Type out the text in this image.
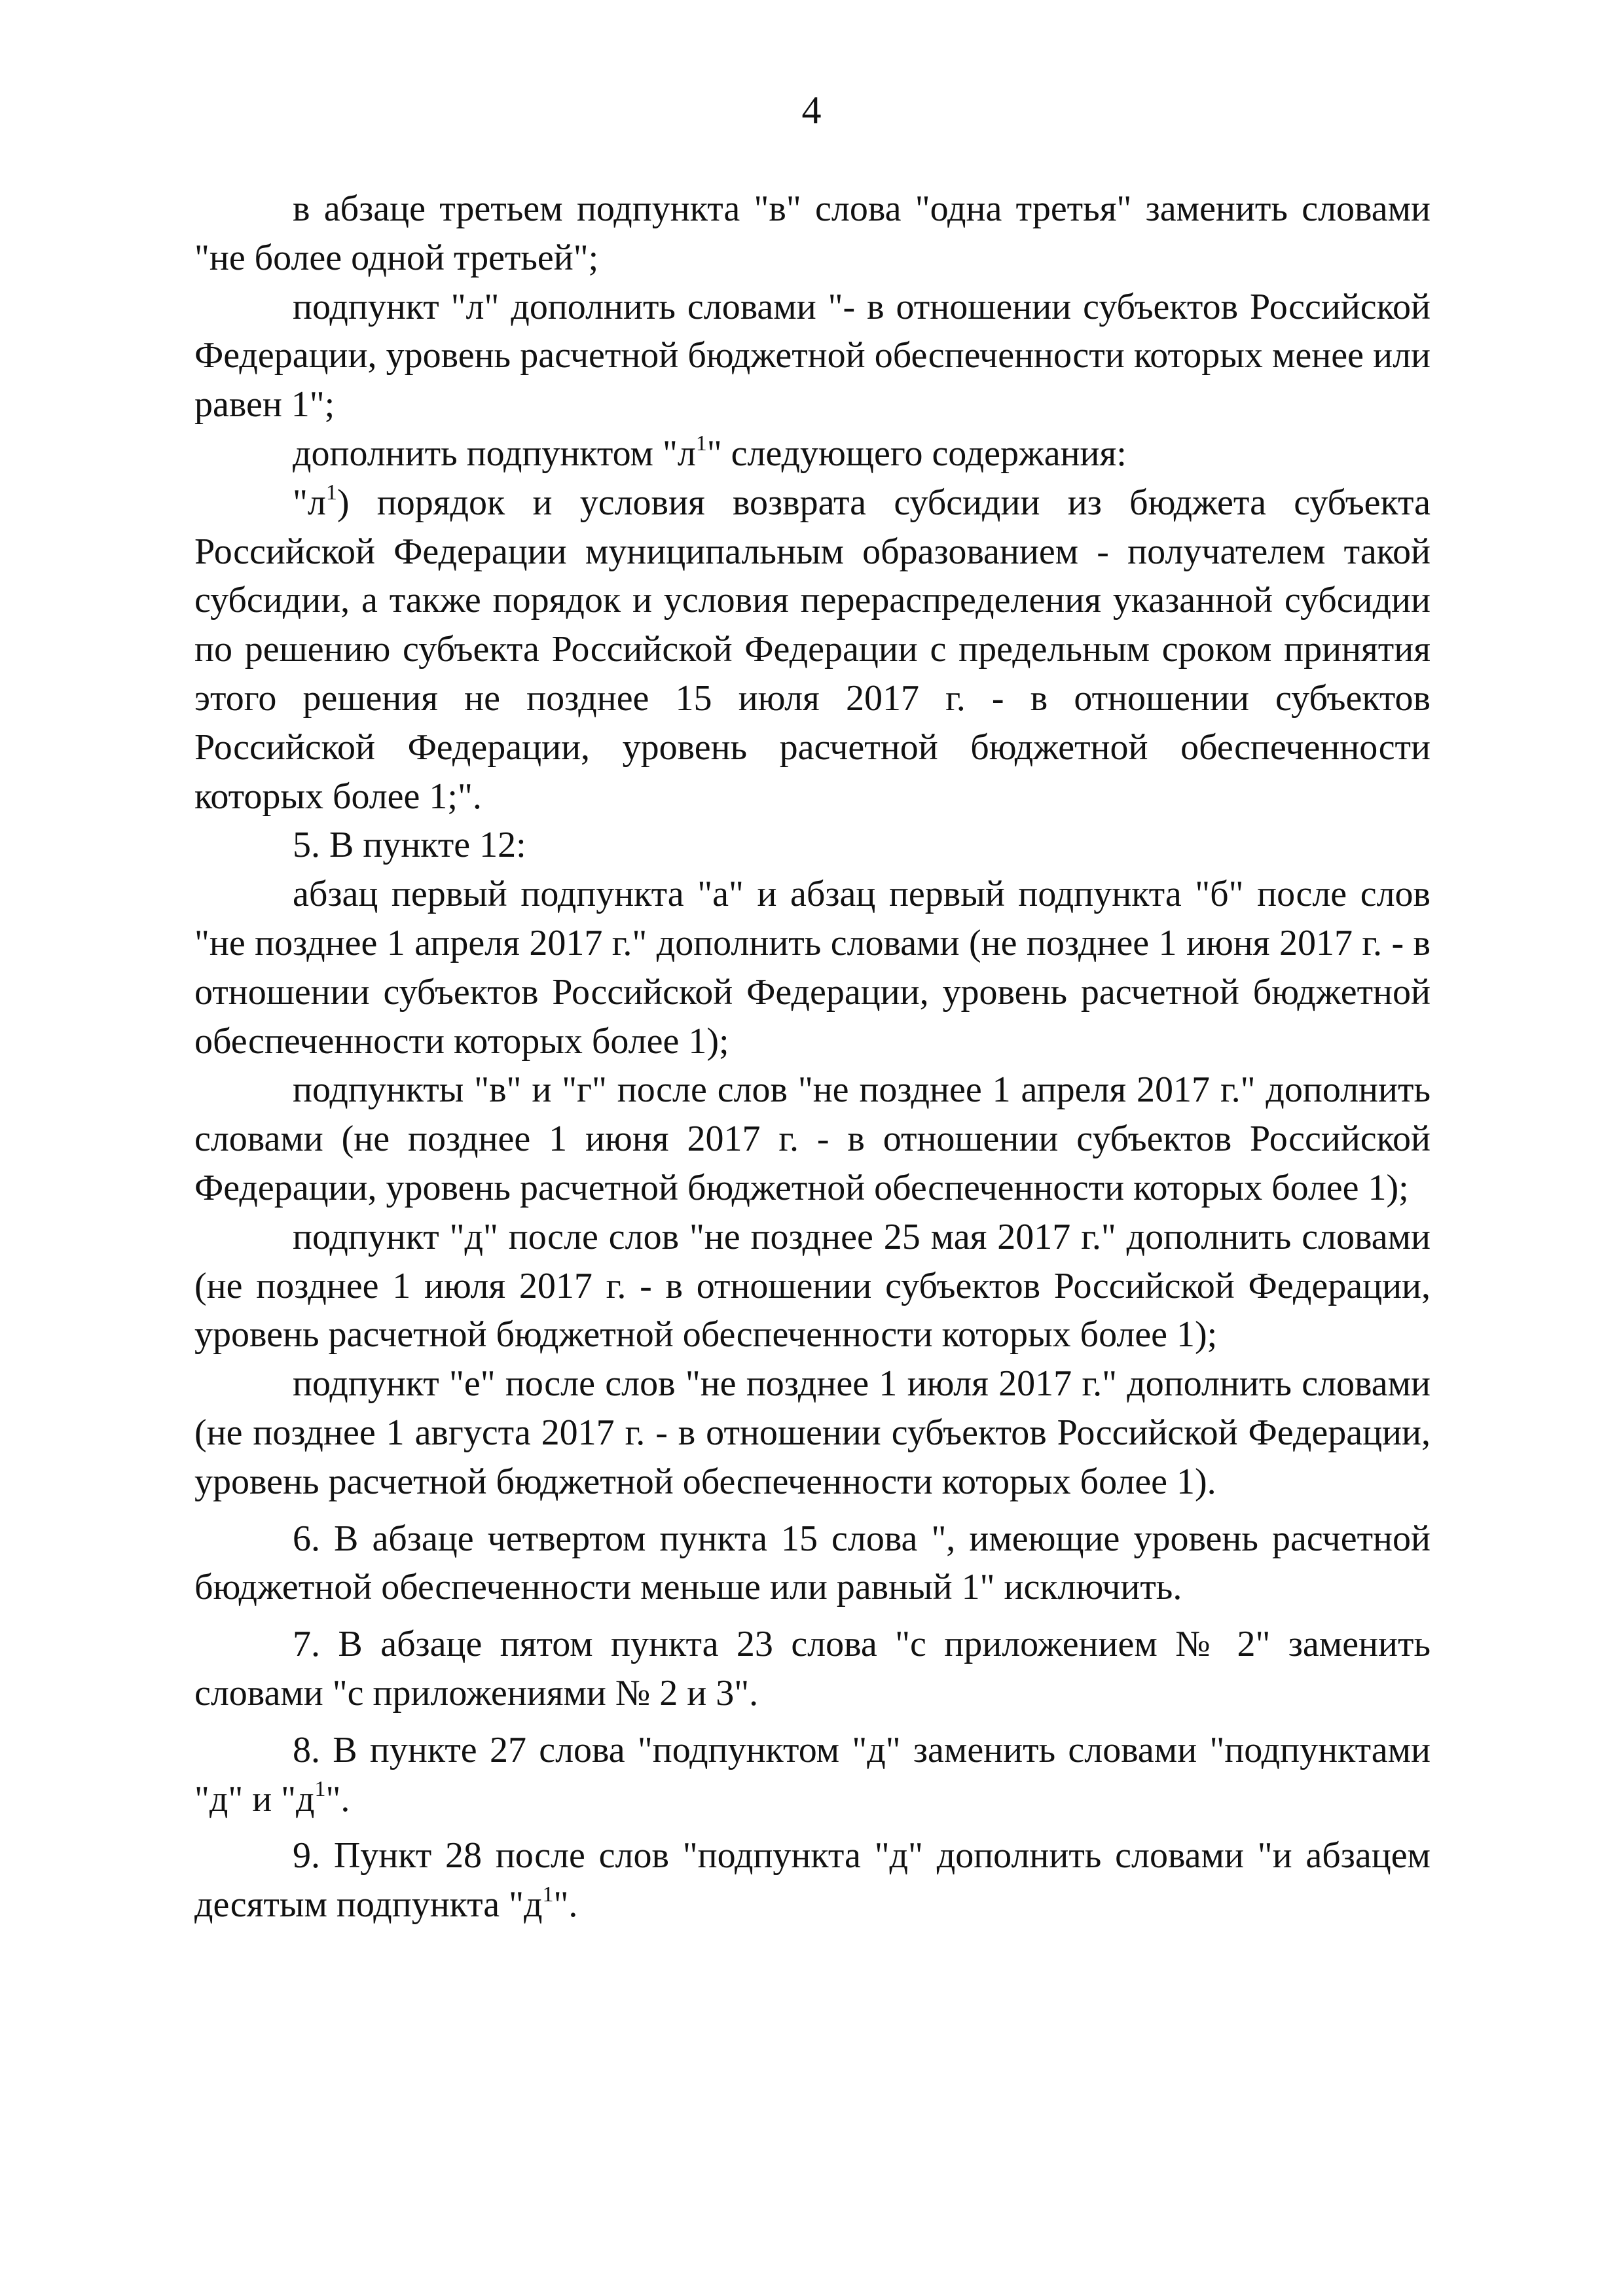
4

в абзаце третьем подпункта "в" слова "одна третья" заменить словами "не более одной третьей";

подпункт "л" дополнить словами "- в отношении субъектов Российской Федерации, уровень расчетной бюджетной обеспеченности которых менее или равен 1";

дополнить подпунктом "$л^1$" следующего содержания:

"$л^1$) порядок и условия возврата субсидии из бюджета субъекта Российской Федерации муниципальным образованием - получателем такой субсидии, а также порядок и условия перераспределения указанной субсидии по решению субъекта Российской Федерации с предельным сроком принятия этого решения не позднее 15 июля 2017 г. - в отношении субъектов Российской Федерации, уровень расчетной бюджетной обеспеченности которых более 1;".

5. В пункте 12:

абзац первый подпункта "а" и абзац первый подпункта "б" после слов "не позднее 1 апреля 2017 г." дополнить словами (не позднее 1 июня 2017 г. - в отношении субъектов Российской Федерации, уровень расчетной бюджетной обеспеченности которых более 1);

подпункты "в" и "г" после слов "не позднее 1 апреля 2017 г." дополнить словами (не позднее 1 июня 2017 г. - в отношении субъектов Российской Федерации, уровень расчетной бюджетной обеспеченности которых более 1);

подпункт "д" после слов "не позднее 25 мая 2017 г." дополнить словами (не позднее 1 июля 2017 г. - в отношении субъектов Российской Федерации, уровень расчетной бюджетной обеспеченности которых более 1);

подпункт "е" после слов "не позднее 1 июля 2017 г." дополнить словами (не позднее 1 августа 2017 г. - в отношении субъектов Российской Федерации, уровень расчетной бюджетной обеспеченности которых более 1).

6. В абзаце четвертом пункта 15 слова ", имеющие уровень расчетной бюджетной обеспеченности меньше или равный 1" исключить.

7. В абзаце пятом пункта 23 слова "с приложением № 2" заменить словами "с приложениями № 2 и 3".

8. В пункте 27 слова "подпунктом "д" заменить словами "подпунктами "д" и "$д^1$".

9. Пункт 28 после слов "подпункта "д" дополнить словами "и абзацем десятым подпункта "$д^1$".
